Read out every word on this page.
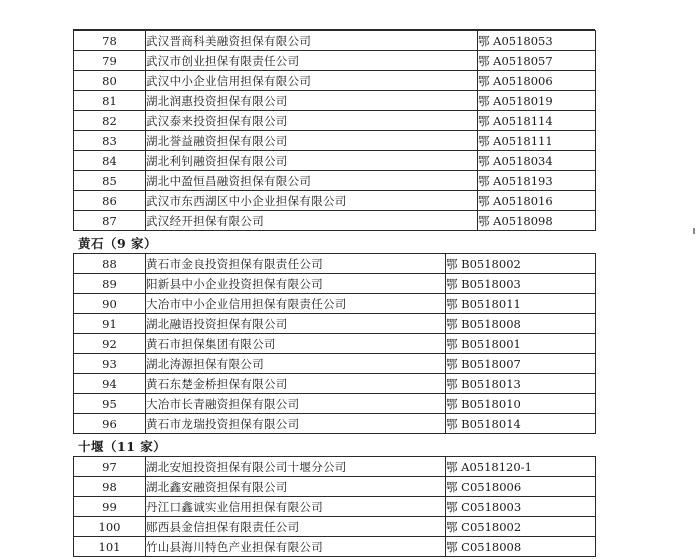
78	武汉晋商科美融资担保有限公司	鄂 A0518053
79	武汉市创业担保有限责任公司	鄂 A0518057
80	武汉中小企业信用担保有限公司	鄂 A0518006
81	湖北润惠投资担保有限公司	鄂 A0518019
82	武汉泰来投资担保有限公司	鄂 A0518114
83	湖北誉益融资担保有限公司	鄂 A0518111
84	湖北利钊融资担保有限公司	鄂 A0518034
85	湖北中盈恒昌融资担保有限公司	鄂 A0518193
86	武汉市东西湖区中小企业担保有限公司	鄂 A0518016
87	武汉经开担保有限公司	鄂 A0518098
黄石（9 家）
88	黄石市金良投资担保有限责任公司	鄂 B0518002
89	阳新县中小企业投资担保有限公司	鄂 B0518003
90	大冶市中小企业信用担保有限责任公司	鄂 B0518011
91	湖北融语投资担保有限公司	鄂 B0518008
92	黄石市担保集团有限公司	鄂 B0518001
93	湖北涛源担保有限公司	鄂 B0518007
94	黄石东楚金桥担保有限公司	鄂 B0518013
95	大冶市长青融资担保有限公司	鄂 B0518010
96	黄石市龙瑞投资担保有限公司	鄂 B0518014
十堰（11 家）
97	湖北安旭投资担保有限公司十堰分公司	鄂 A0518120-1
98	湖北鑫安融资担保有限公司	鄂 C0518006
99	丹江口鑫诚实业信用担保有限公司	鄂 C0518003
100	郧西县金信担保有限责任公司	鄂 C0518002
101	竹山县海川特色产业担保有限公司	鄂 C0518008
